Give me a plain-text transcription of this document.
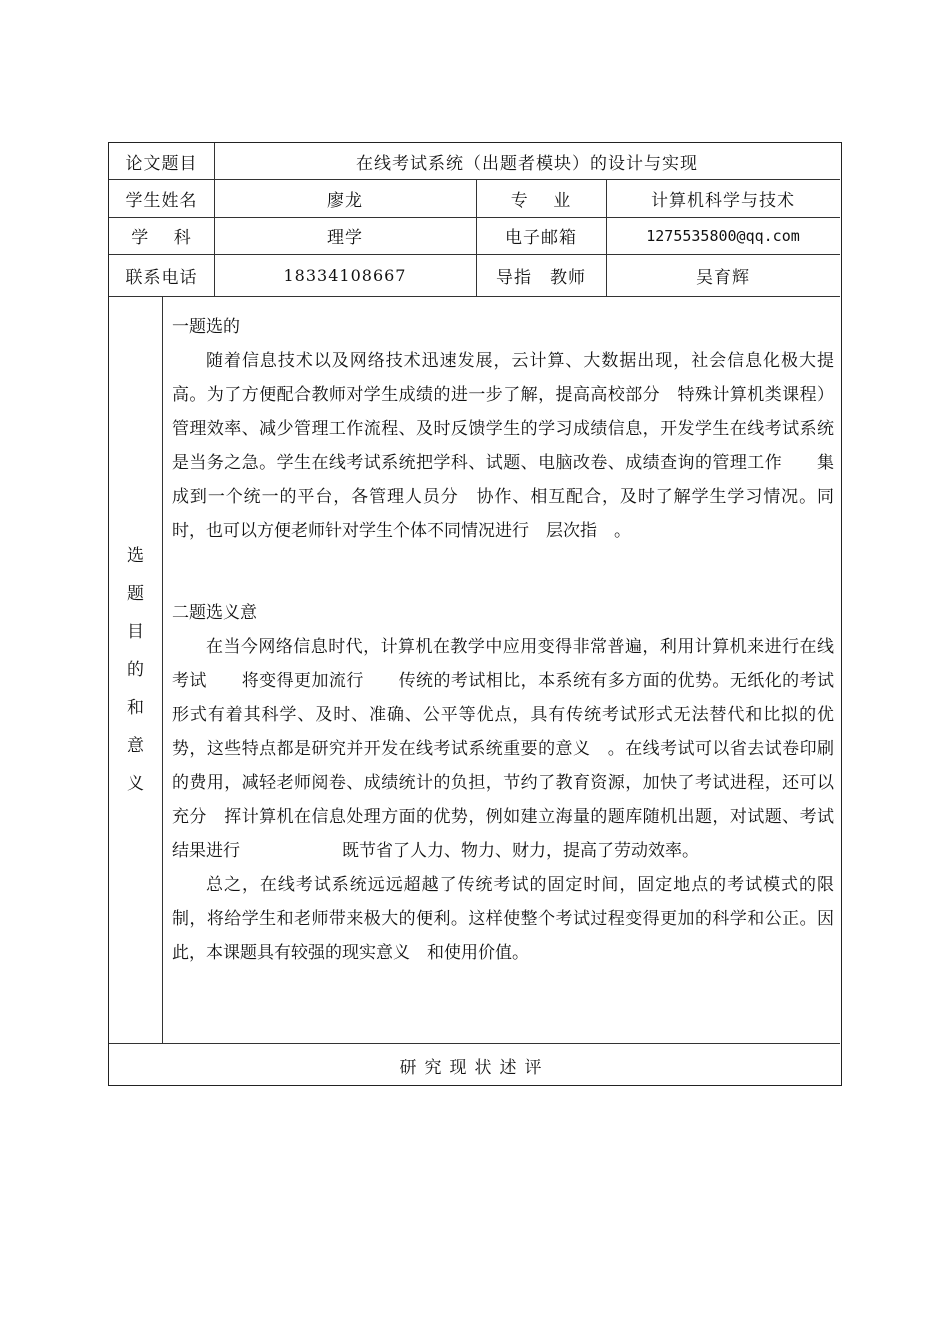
论文题目	在线考试系统（出题者模块）的设计与实现
学生姓名	廖龙	专　 业	计算机科学与技术
学　 科	理学	电子邮箱	1275535800@qq.com
联系电话	18334108667	导指　教师	吴育辉
选
题
目
的
和
意
义

一题选的

随着信息技术以及网络技术迅速发展，云计算、大数据出现，社会信息化极大提高。为了方便配合教师对学生成绩的进一步了解，提高高校部分　特殊计算机类课程）管理效率、减少管理工作流程、及时反馈学生的学习成绩信息，开发学生在线考试系统是当务之急。学生在线考试系统把学科、试题、电脑改卷、成绩查询的管理工作　　集成到一个统一的平台，各管理人员分　协作、相互配合，及时了解学生学习情况。同时，也可以方便老师针对学生个体不同情况进行　层次指　。

二题选义意

在当今网络信息时代，计算机在教学中应用变得非常普遍，利用计算机来进行在线考试　　将变得更加流行　　传统的考试相比，本系统有多方面的优势。无纸化的考试形式有着其科学、及时、准确、公平等优点，具有传统考试形式无法替代和比拟的优势，这些特点都是研究并开发在线考试系统重要的意义　。在线考试可以省去试卷印刷的费用，减轻老师阅卷、成绩统计的负担，节约了教育资源，加快了考试进程，还可以充分　挥计算机在信息处理方面的优势，例如建立海量的题库随机出题，对试题、考试结果进行　　　　　　既节省了人力、物力、财力，提高了劳动效率。

总之，在线考试系统远远超越了传统考试的固定时间，固定地点的考试模式的限制，将给学生和老师带来极大的便利。这样使整个考试过程变得更加的科学和公正。因此，本课题具有较强的现实意义　和使用价值。

研究现状述评
